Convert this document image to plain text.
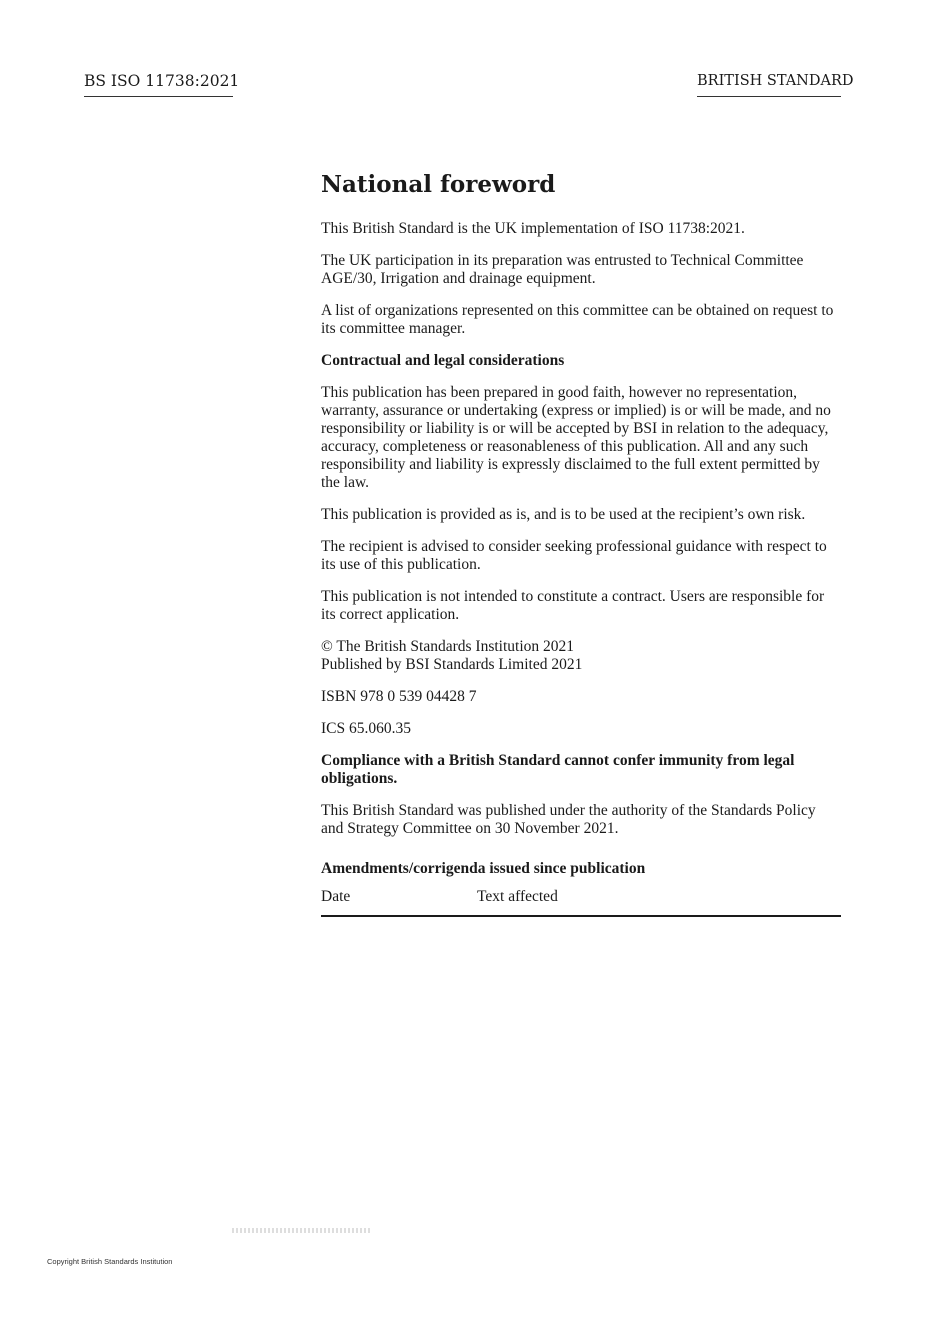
BS ISO 11738:2021	BRITISH STANDARD
National foreword

This British Standard is the UK implementation of ISO 11738:2021.

The UK participation in its preparation was entrusted to Technical Committee AGE/30, Irrigation and drainage equipment.

A list of organizations represented on this committee can be obtained on request to its committee manager.

Contractual and legal considerations

This publication has been prepared in good faith, however no representation, warranty, assurance or undertaking (express or implied) is or will be made, and no responsibility or liability is or will be accepted by BSI in relation to the adequacy, accuracy, completeness or reasonableness of this publication. All and any such responsibility and liability is expressly disclaimed to the full extent permitted by the law.

This publication is provided as is, and is to be used at the recipient’s own risk.

The recipient is advised to consider seeking professional guidance with respect to its use of this publication.

This publication is not intended to constitute a contract. Users are responsible for its correct application.

© The British Standards Institution 2021
Published by BSI Standards Limited 2021

ISBN 978 0 539 04428 7

ICS 65.060.35

Compliance with a British Standard cannot confer immunity from legal obligations.

This British Standard was published under the authority of the Standards Policy and Strategy Committee on 30 November 2021.

Amendments/corrigenda issued since publication
Date	Text affected
Copyright British Standards Institution
